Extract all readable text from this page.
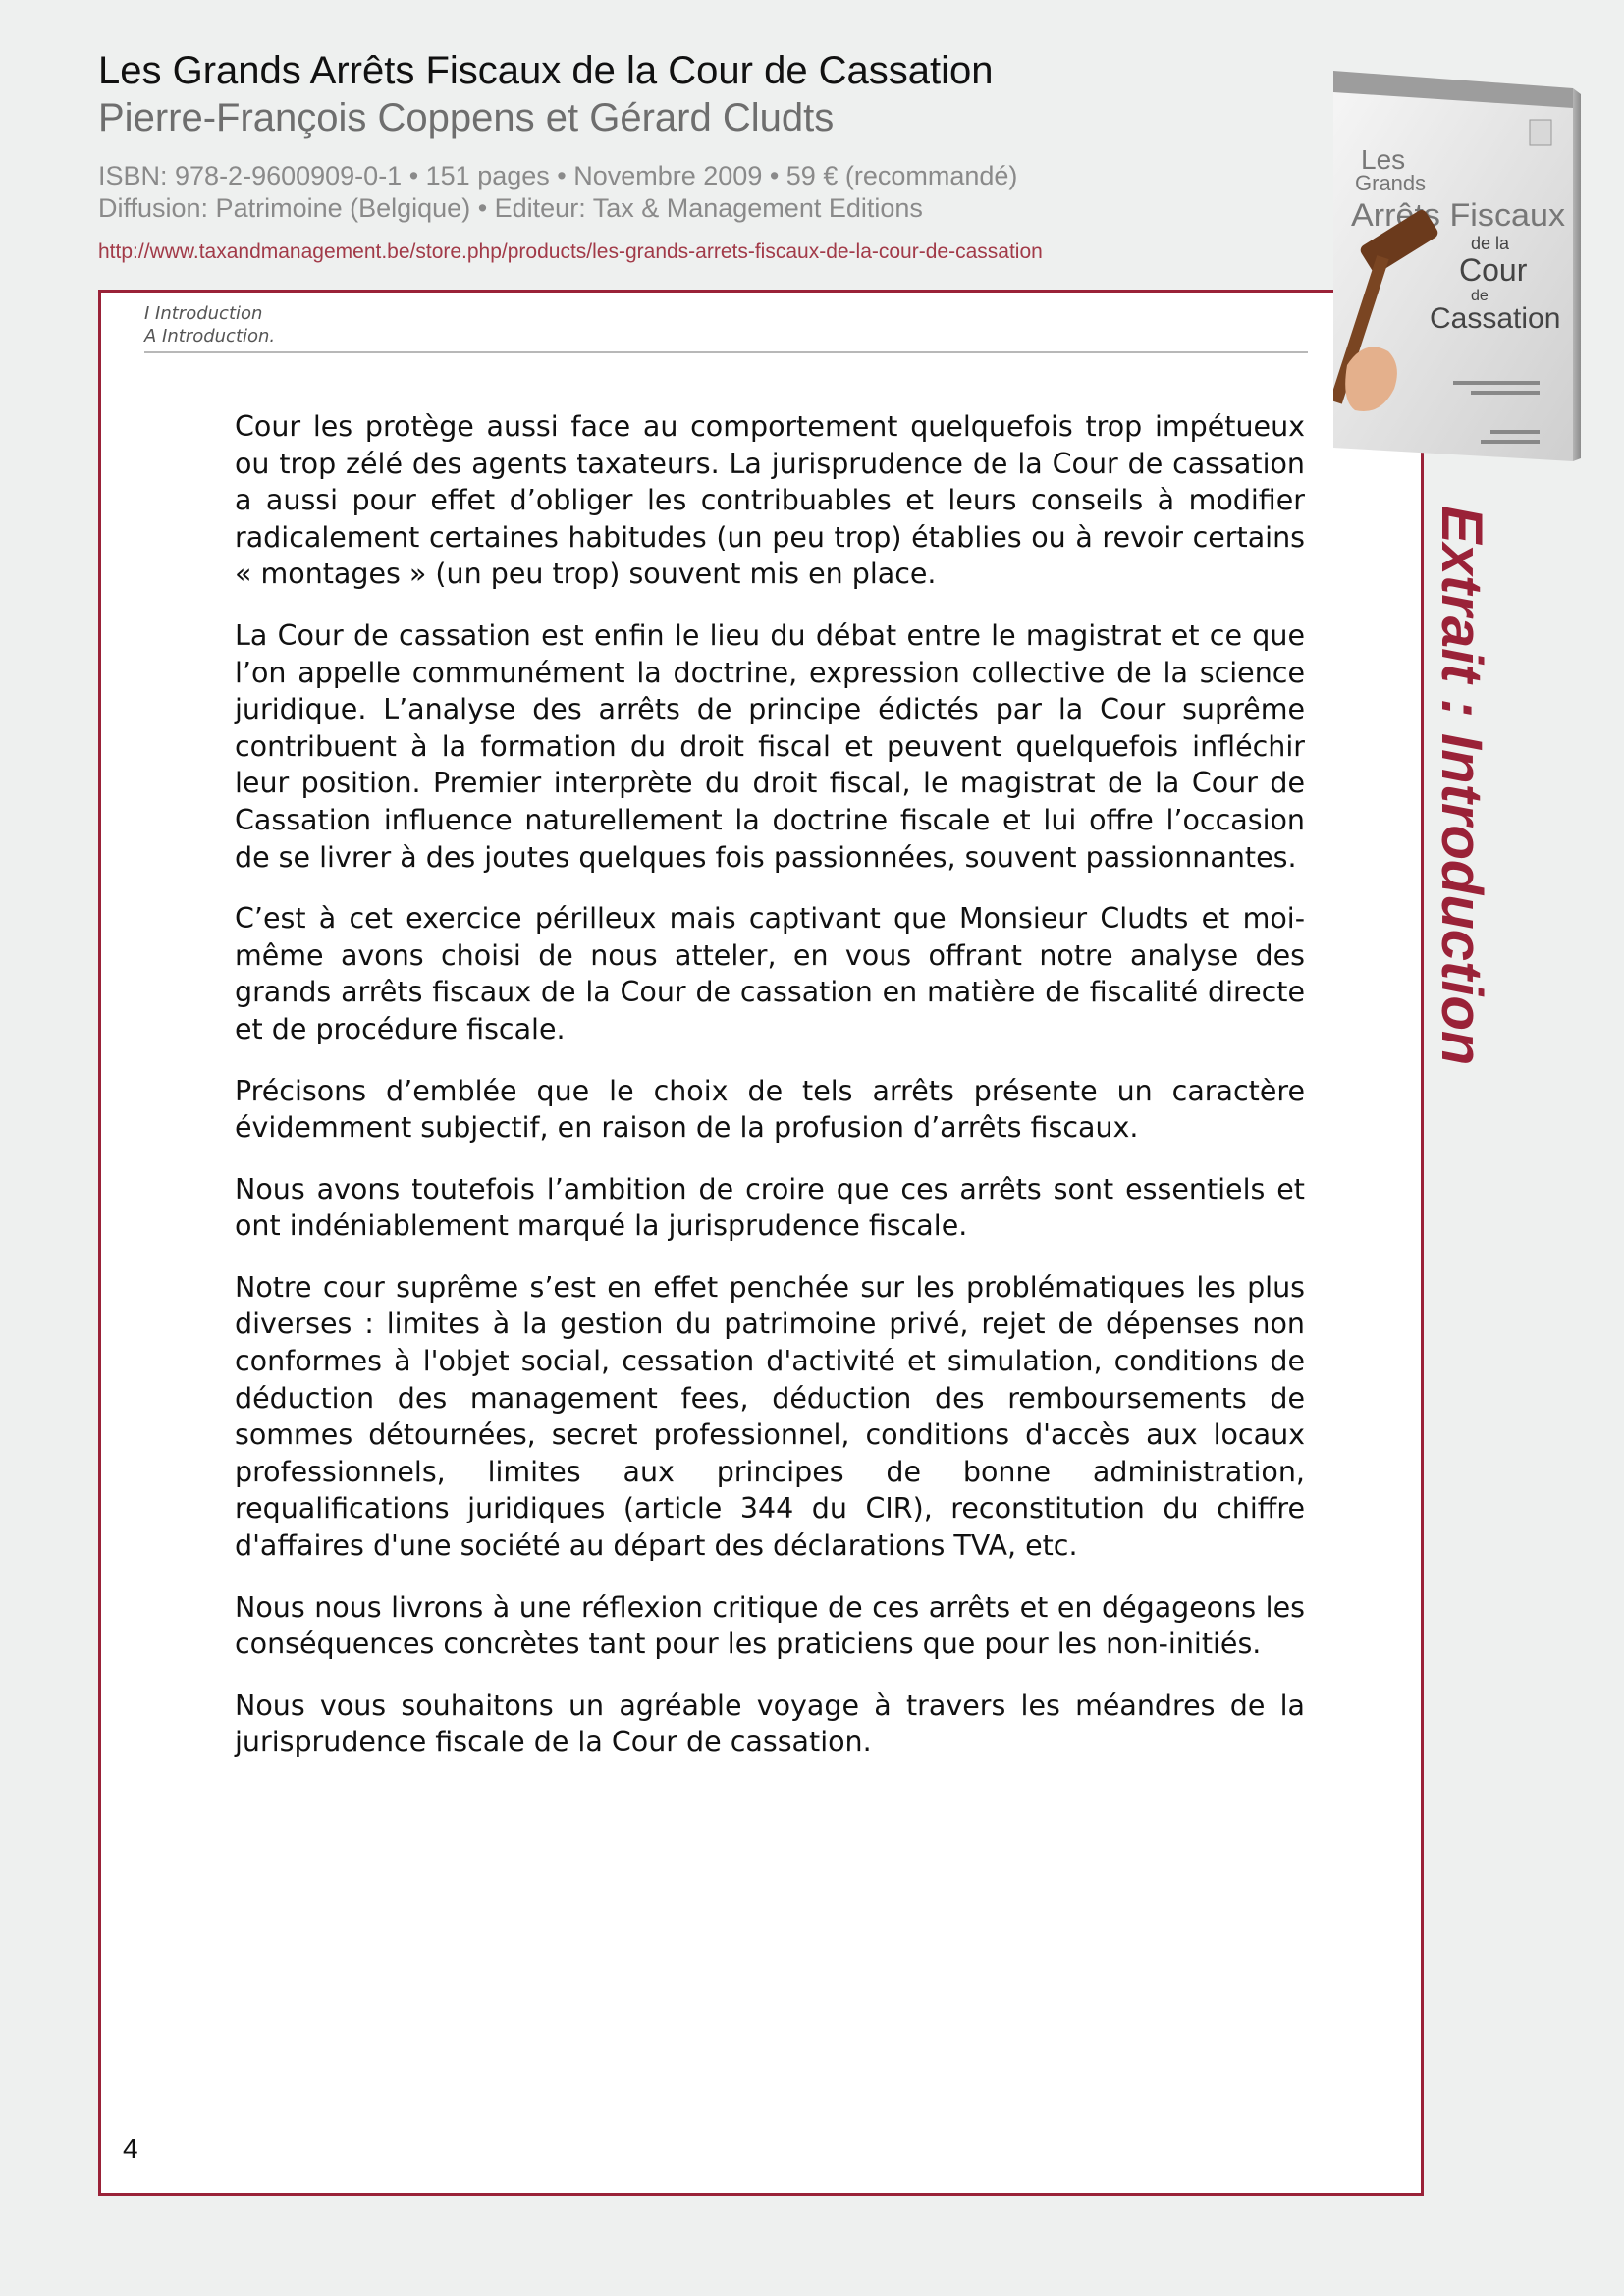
Les Grands Arrêts Fiscaux de la Cour de Cassation
Pierre-François Coppens et Gérard Cludts
ISBN: 978-2-9600909-0-1 • 151 pages • Novembre 2009 • 59 € (recommandé)
Diffusion: Patrimoine (Belgique) • Editeur: Tax & Management Editions
http://www.taxandmanagement.be/store.php/products/les-grands-arrets-fiscaux-de-la-cour-de-cassation
I Introduction
A Introduction.

Cour les protège aussi face au comportement quelquefois trop impétueux ou trop zélé des agents taxateurs. La jurisprudence de la Cour de cassation a aussi pour effet d’obliger les contribuables et leurs conseils à modifier radicalement certaines habitudes (un peu trop) établies ou à revoir certains « montages » (un peu trop) souvent mis en place.

La Cour de cassation est enfin le lieu du débat entre le magistrat et ce que l’on appelle communément la doctrine, expression collective de la science juridique. L’analyse des arrêts de principe édictés par la Cour suprême contribuent à la formation du droit fiscal et peuvent quelquefois infléchir leur position. Premier interprète du droit fiscal, le magistrat de la Cour de Cassation influence naturellement la doctrine fiscale et lui offre l’occasion de se livrer à des joutes quelques fois passionnées, souvent passionnantes.

C’est à cet exercice périlleux mais captivant que Monsieur Cludts et moi-même avons choisi de nous atteler, en vous offrant notre analyse des grands arrêts fiscaux de la Cour de cassation en matière de fiscalité directe et de procédure fiscale.

Précisons d’emblée que le choix de tels arrêts présente un caractère évidemment subjectif, en raison de la profusion d’arrêts fiscaux.

Nous avons toutefois l’ambition de croire que ces arrêts sont essentiels et ont indéniablement marqué la jurisprudence fiscale.

Notre cour suprême s’est en effet penchée sur les problématiques les plus diverses : limites à la gestion du patrimoine privé, rejet de dépenses non conformes à l'objet social, cessation d'activité et simulation, conditions de déduction des management fees, déduction des remboursements de sommes détournées, secret professionnel, conditions d'accès aux locaux professionnels, limites aux principes de bonne administration, requalifications juridiques (article 344 du CIR), reconstitution du chiffre d'affaires d'une société au départ des déclarations TVA, etc.

Nous nous livrons à une réflexion critique de ces arrêts et en dégageons les conséquences concrètes tant pour les praticiens que pour les non-initiés.

Nous vous souhaitons un agréable voyage à travers les méandres de la jurisprudence fiscale de la Cour de cassation.

4
Les
Grands
Arrêts Fiscaux
de la
Cour
de
Cassation
Extrait : Introduction
